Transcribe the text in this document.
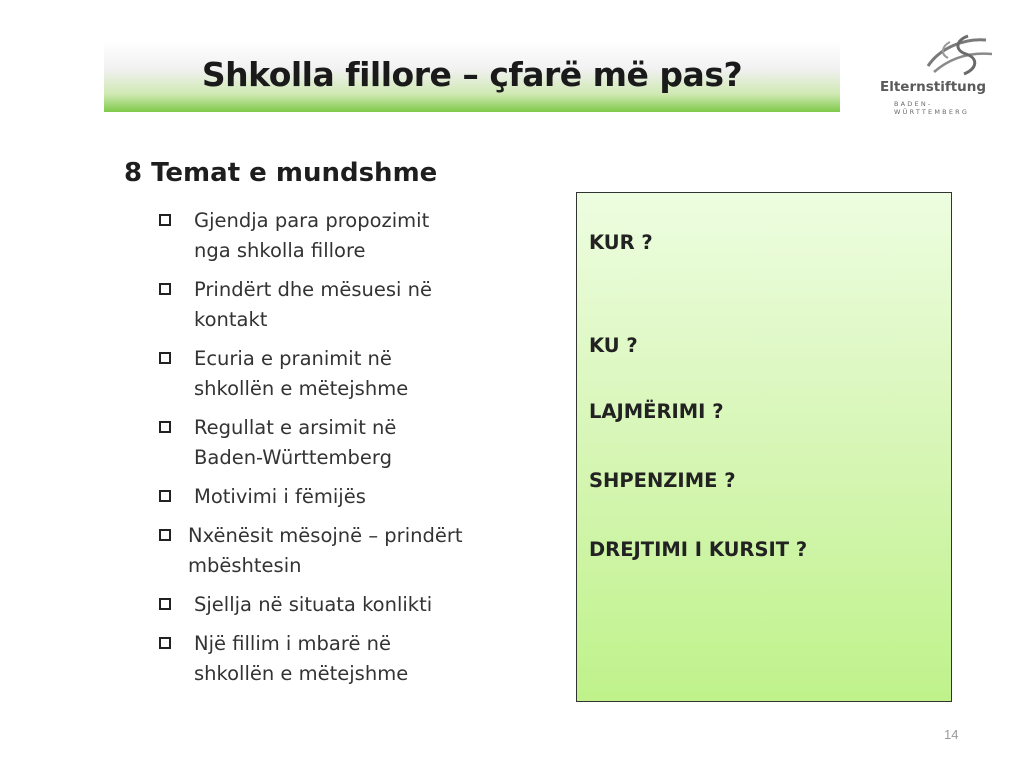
Shkolla fillore – çfarë më pas?	Elternstiftung
BADEN-WÜRTTEMBERG
8 Temat e mundshme
Gjendja para propozimit
nga shkolla fillore
Prindërt dhe mësuesi në
kontakt
Ecuria e pranimit në
shkollën e mëtejshme
Regullat e arsimit në
Baden-Württemberg
Motivimi i fëmijës
Nxënësit mësojnë – prindërt
mbështesin
Sjellja në situata konlikti
Një fillim i mbarë në
shkollën e mëtejshme
KUR ?
KU ?
LAJMËRIMI ?
SHPENZIME ?
DREJTIMI I KURSIT ?
14
